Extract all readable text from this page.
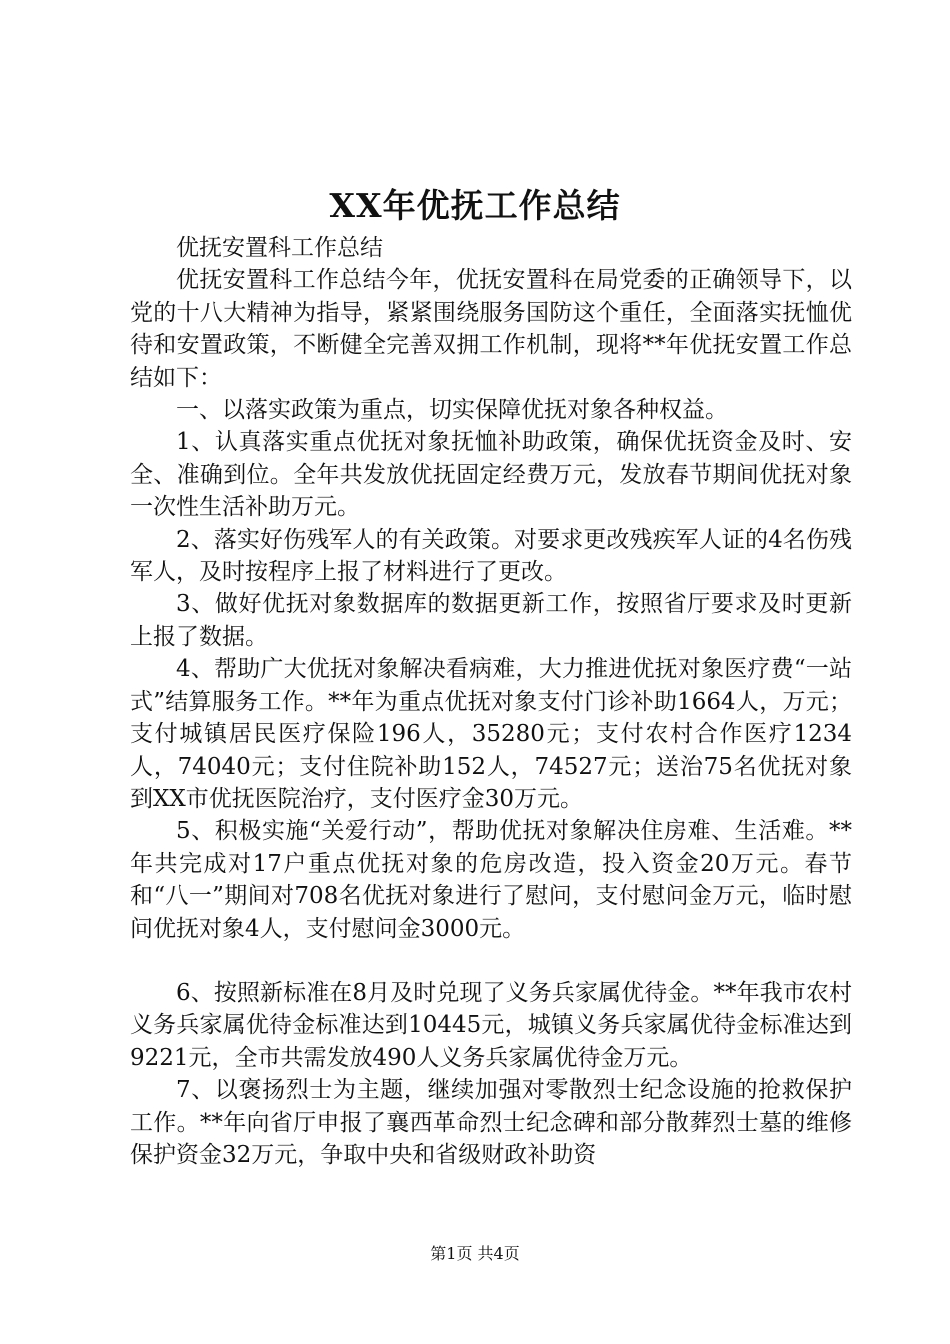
XX年优抚工作总结

优抚安置科工作总结

优抚安置科工作总结今年，优抚安置科在局党委的正确领导下，以党的十八大精神为指导，紧紧围绕服务国防这个重任，全面落实抚恤优待和安置政策，不断健全完善双拥工作机制，现将**年优抚安置工作总结如下：

一、以落实政策为重点，切实保障优抚对象各种权益。

1、认真落实重点优抚对象抚恤补助政策，确保优抚资金及时、安全、准确到位。全年共发放优抚固定经费万元，发放春节期间优抚对象一次性生活补助万元。

2、落实好伤残军人的有关政策。对要求更改残疾军人证的4名伤残军人，及时按程序上报了材料进行了更改。

3、做好优抚对象数据库的数据更新工作，按照省厅要求及时更新上报了数据。

4、帮助广大优抚对象解决看病难，大力推进优抚对象医疗费“一站式”结算服务工作。**年为重点优抚对象支付门诊补助1664人，万元；支付城镇居民医疗保险196人，35280元；支付农村合作医疗1234人，74040元；支付住院补助152人，74527元；送治75名优抚对象到XX市优抚医院治疗，支付医疗金30万元。

5、积极实施“关爱行动”，帮助优抚对象解决住房难、生活难。**年共完成对17户重点优抚对象的危房改造，投入资金20万元。春节和“八一”期间对708名优抚对象进行了慰问，支付慰问金万元，临时慰问优抚对象4人，支付慰问金3000元。

6、按照新标准在8月及时兑现了义务兵家属优待金。**年我市农村义务兵家属优待金标准达到10445元，城镇义务兵家属优待金标准达到9221元，全市共需发放490人义务兵家属优待金万元。

7、以褒扬烈士为主题，继续加强对零散烈士纪念设施的抢救保护工作。**年向省厅申报了襄西革命烈士纪念碑和部分散葬烈士墓的维修保护资金32万元，争取中央和省级财政补助资

第1页 共4页
